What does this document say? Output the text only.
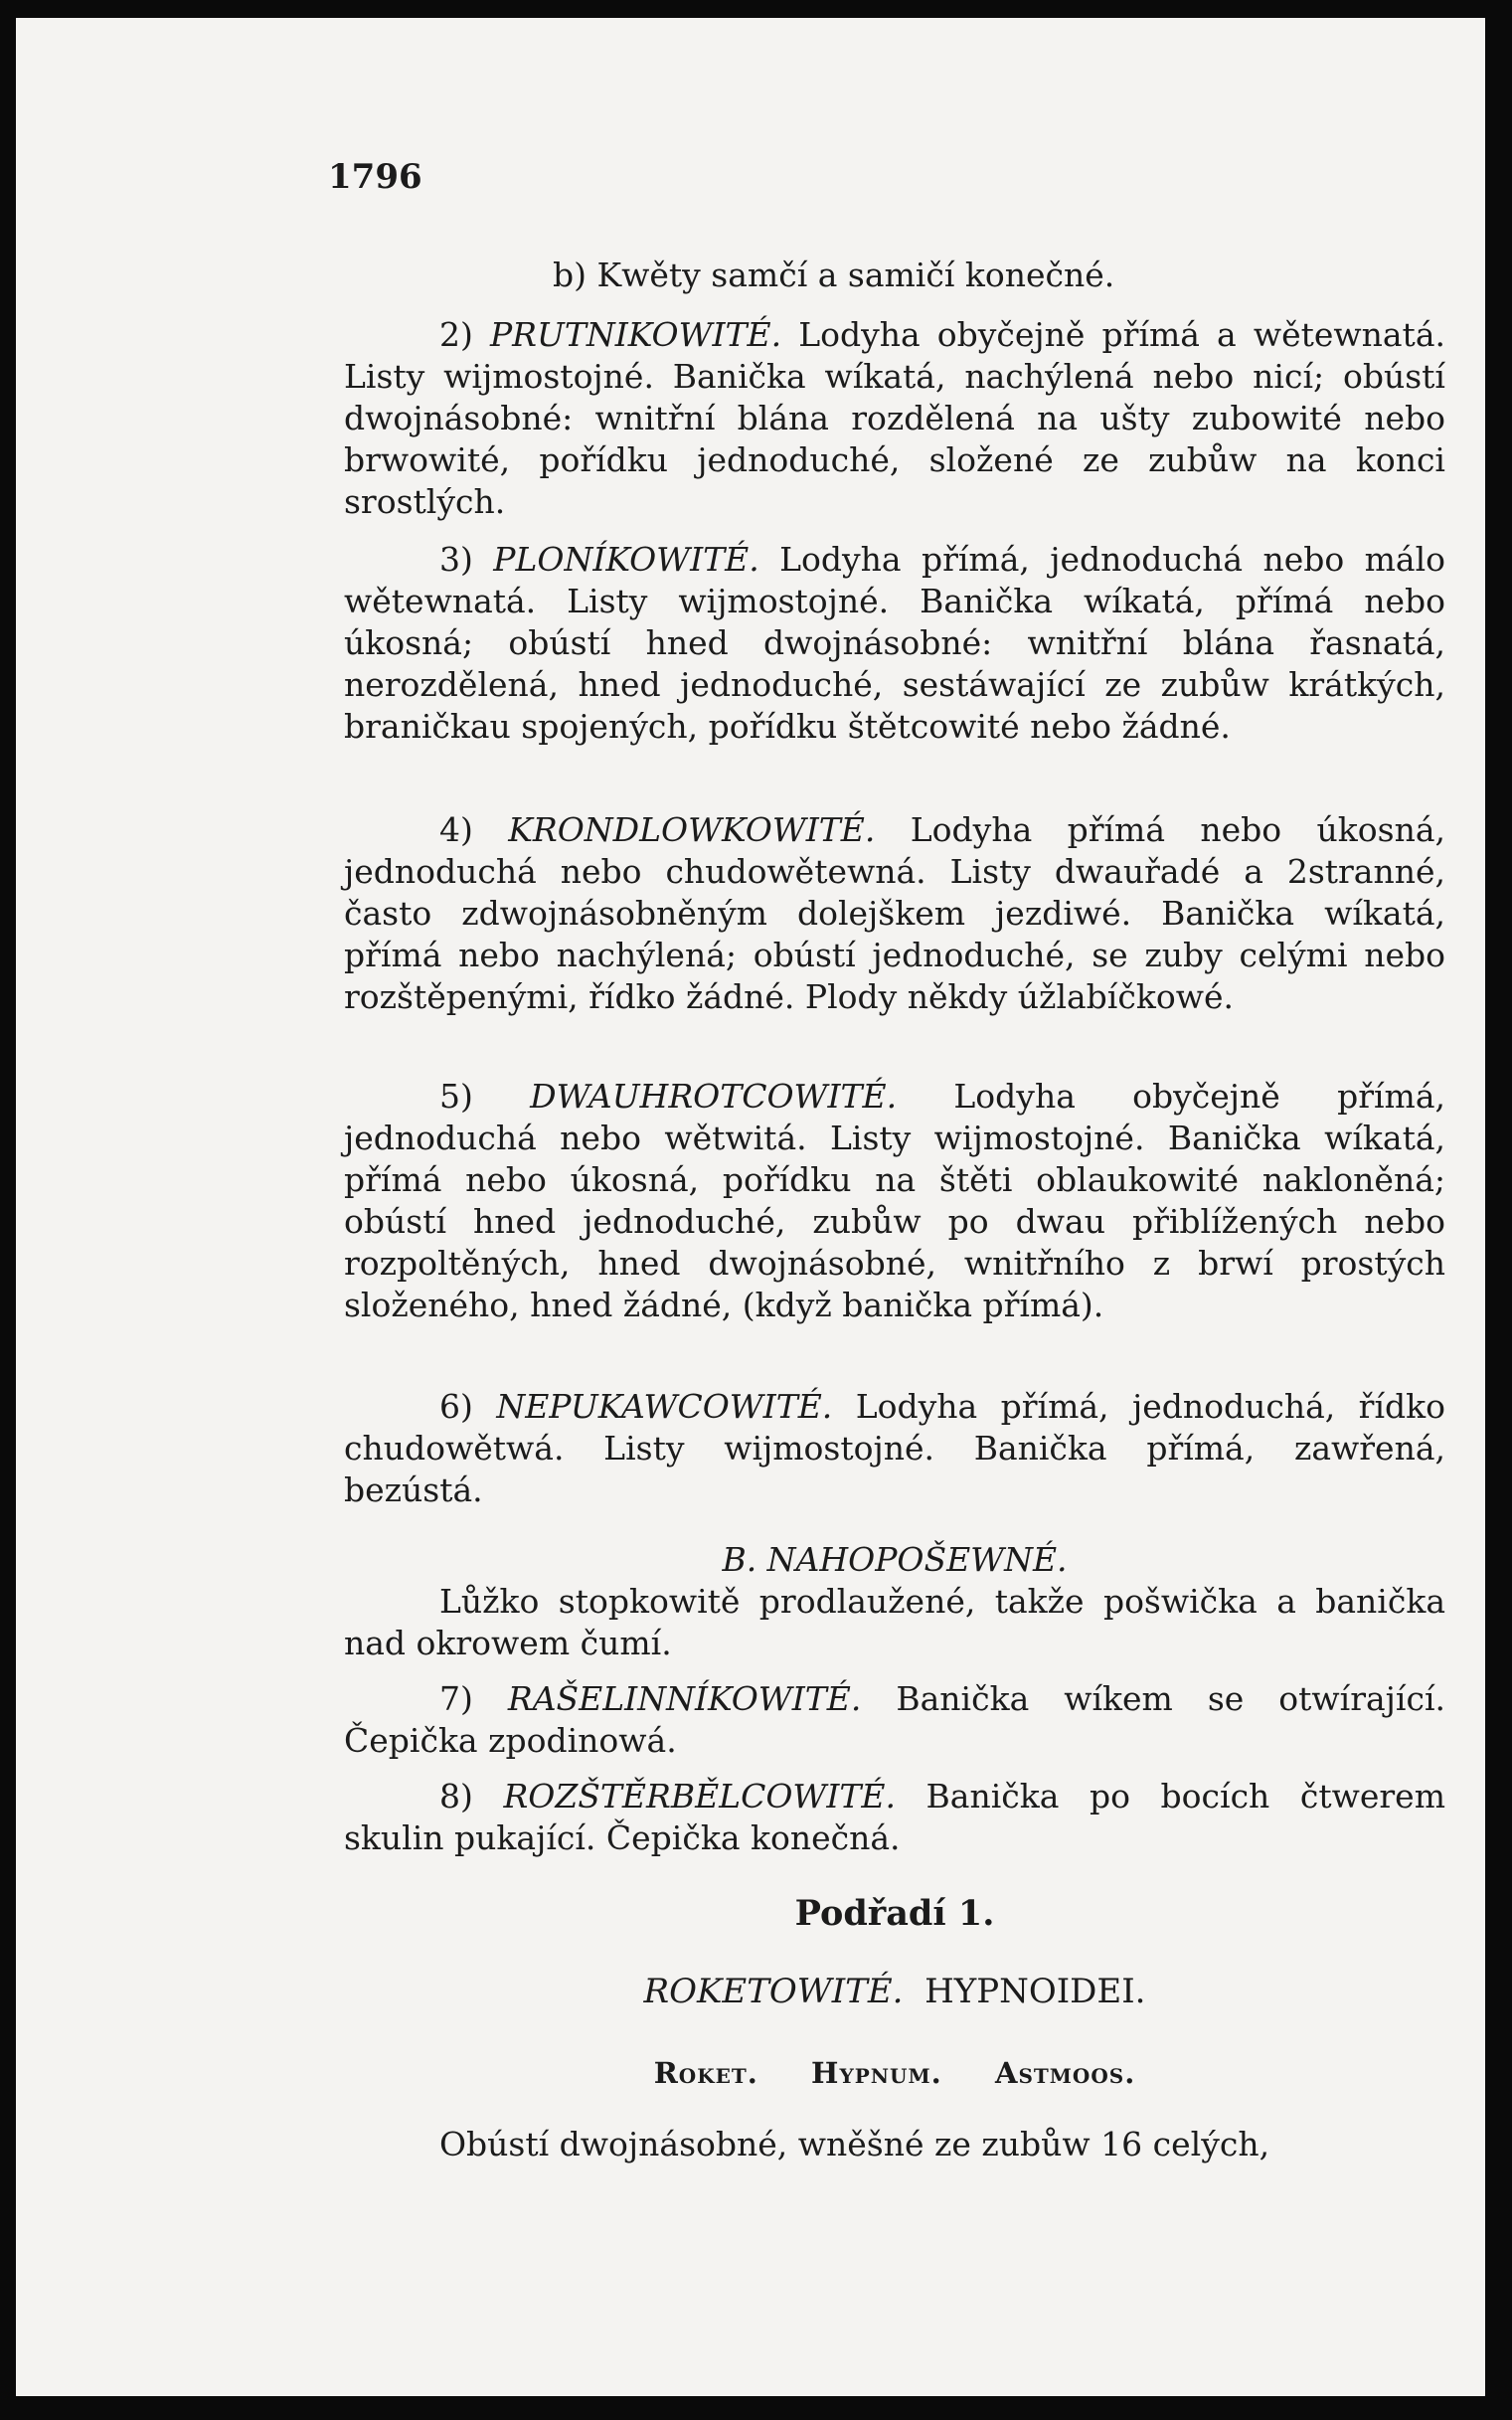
1796
b) Kwěty samčí a samičí konečné.
2) PRUTNIKOWITÉ. Lodyha obyčejně přímá a wětewnatá. Listy wijmostojné. Banička wíkatá, nachýlená nebo nicí; obústí dwojnásobné: wnitřní blána rozdělená na ušty zubowité nebo brwowité, pořídku jednoduché, složené ze zubůw na konci srostlých.
3) PLONÍKOWITÉ. Lodyha přímá, jednoduchá nebo málo wětewnatá. Listy wijmostojné. Banička wíkatá, přímá nebo úkosná; obústí hned dwojnásobné: wnitřní blána řasnatá, nerozdělená, hned jednoduché, sestáwající ze zubůw krátkých, braničkau spojených, pořídku štětcowité nebo žádné.
4) KRONDLOWKOWITÉ. Lodyha přímá nebo úkosná, jednoduchá nebo chudowětewná. Listy dwauřadé a 2stranné, často zdwojnásobněným dolejškem jezdiwé. Banička wíkatá, přímá nebo nachýlená; obústí jednoduché, se zuby celými nebo rozštěpenými, řídko žádné. Plody někdy úžlabíčkowé.
5) DWAUHROTCOWITÉ. Lodyha obyčejně přímá, jednoduchá nebo wětwitá. Listy wijmostojné. Banička wíkatá, přímá nebo úkosná, pořídku na štěti oblaukowité nakloněná; obústí hned jednoduché, zubůw po dwau přiblížených nebo rozpoltěných, hned dwojnásobné, wnitřního z brwí prostých složeného, hned žádné, (když banička přímá).
6) NEPUKAWCOWITÉ. Lodyha přímá, jednoduchá, řídko chudowětwá. Listy wijmostojné. Banička přímá, zawřená, bezústá.
B. NAHOPOŠEWNÉ.
Lůžko stopkowitě prodlaužené, takže pošwička a banička nad okrowem čumí.
7) RAŠELINNÍKOWITÉ. Banička wíkem se otwírající. Čepička zpodinowá.
8) ROZŠTĚRBĚLCOWITÉ. Banička po bocích čtwerem skulin pukající. Čepička konečná.
Podřadí 1.
ROKETOWITÉ. HYPNOIDEI.
Roket. Hypnum. Astmoos.
Obústí dwojnásobné, wněšné ze zubůw 16 celých,
